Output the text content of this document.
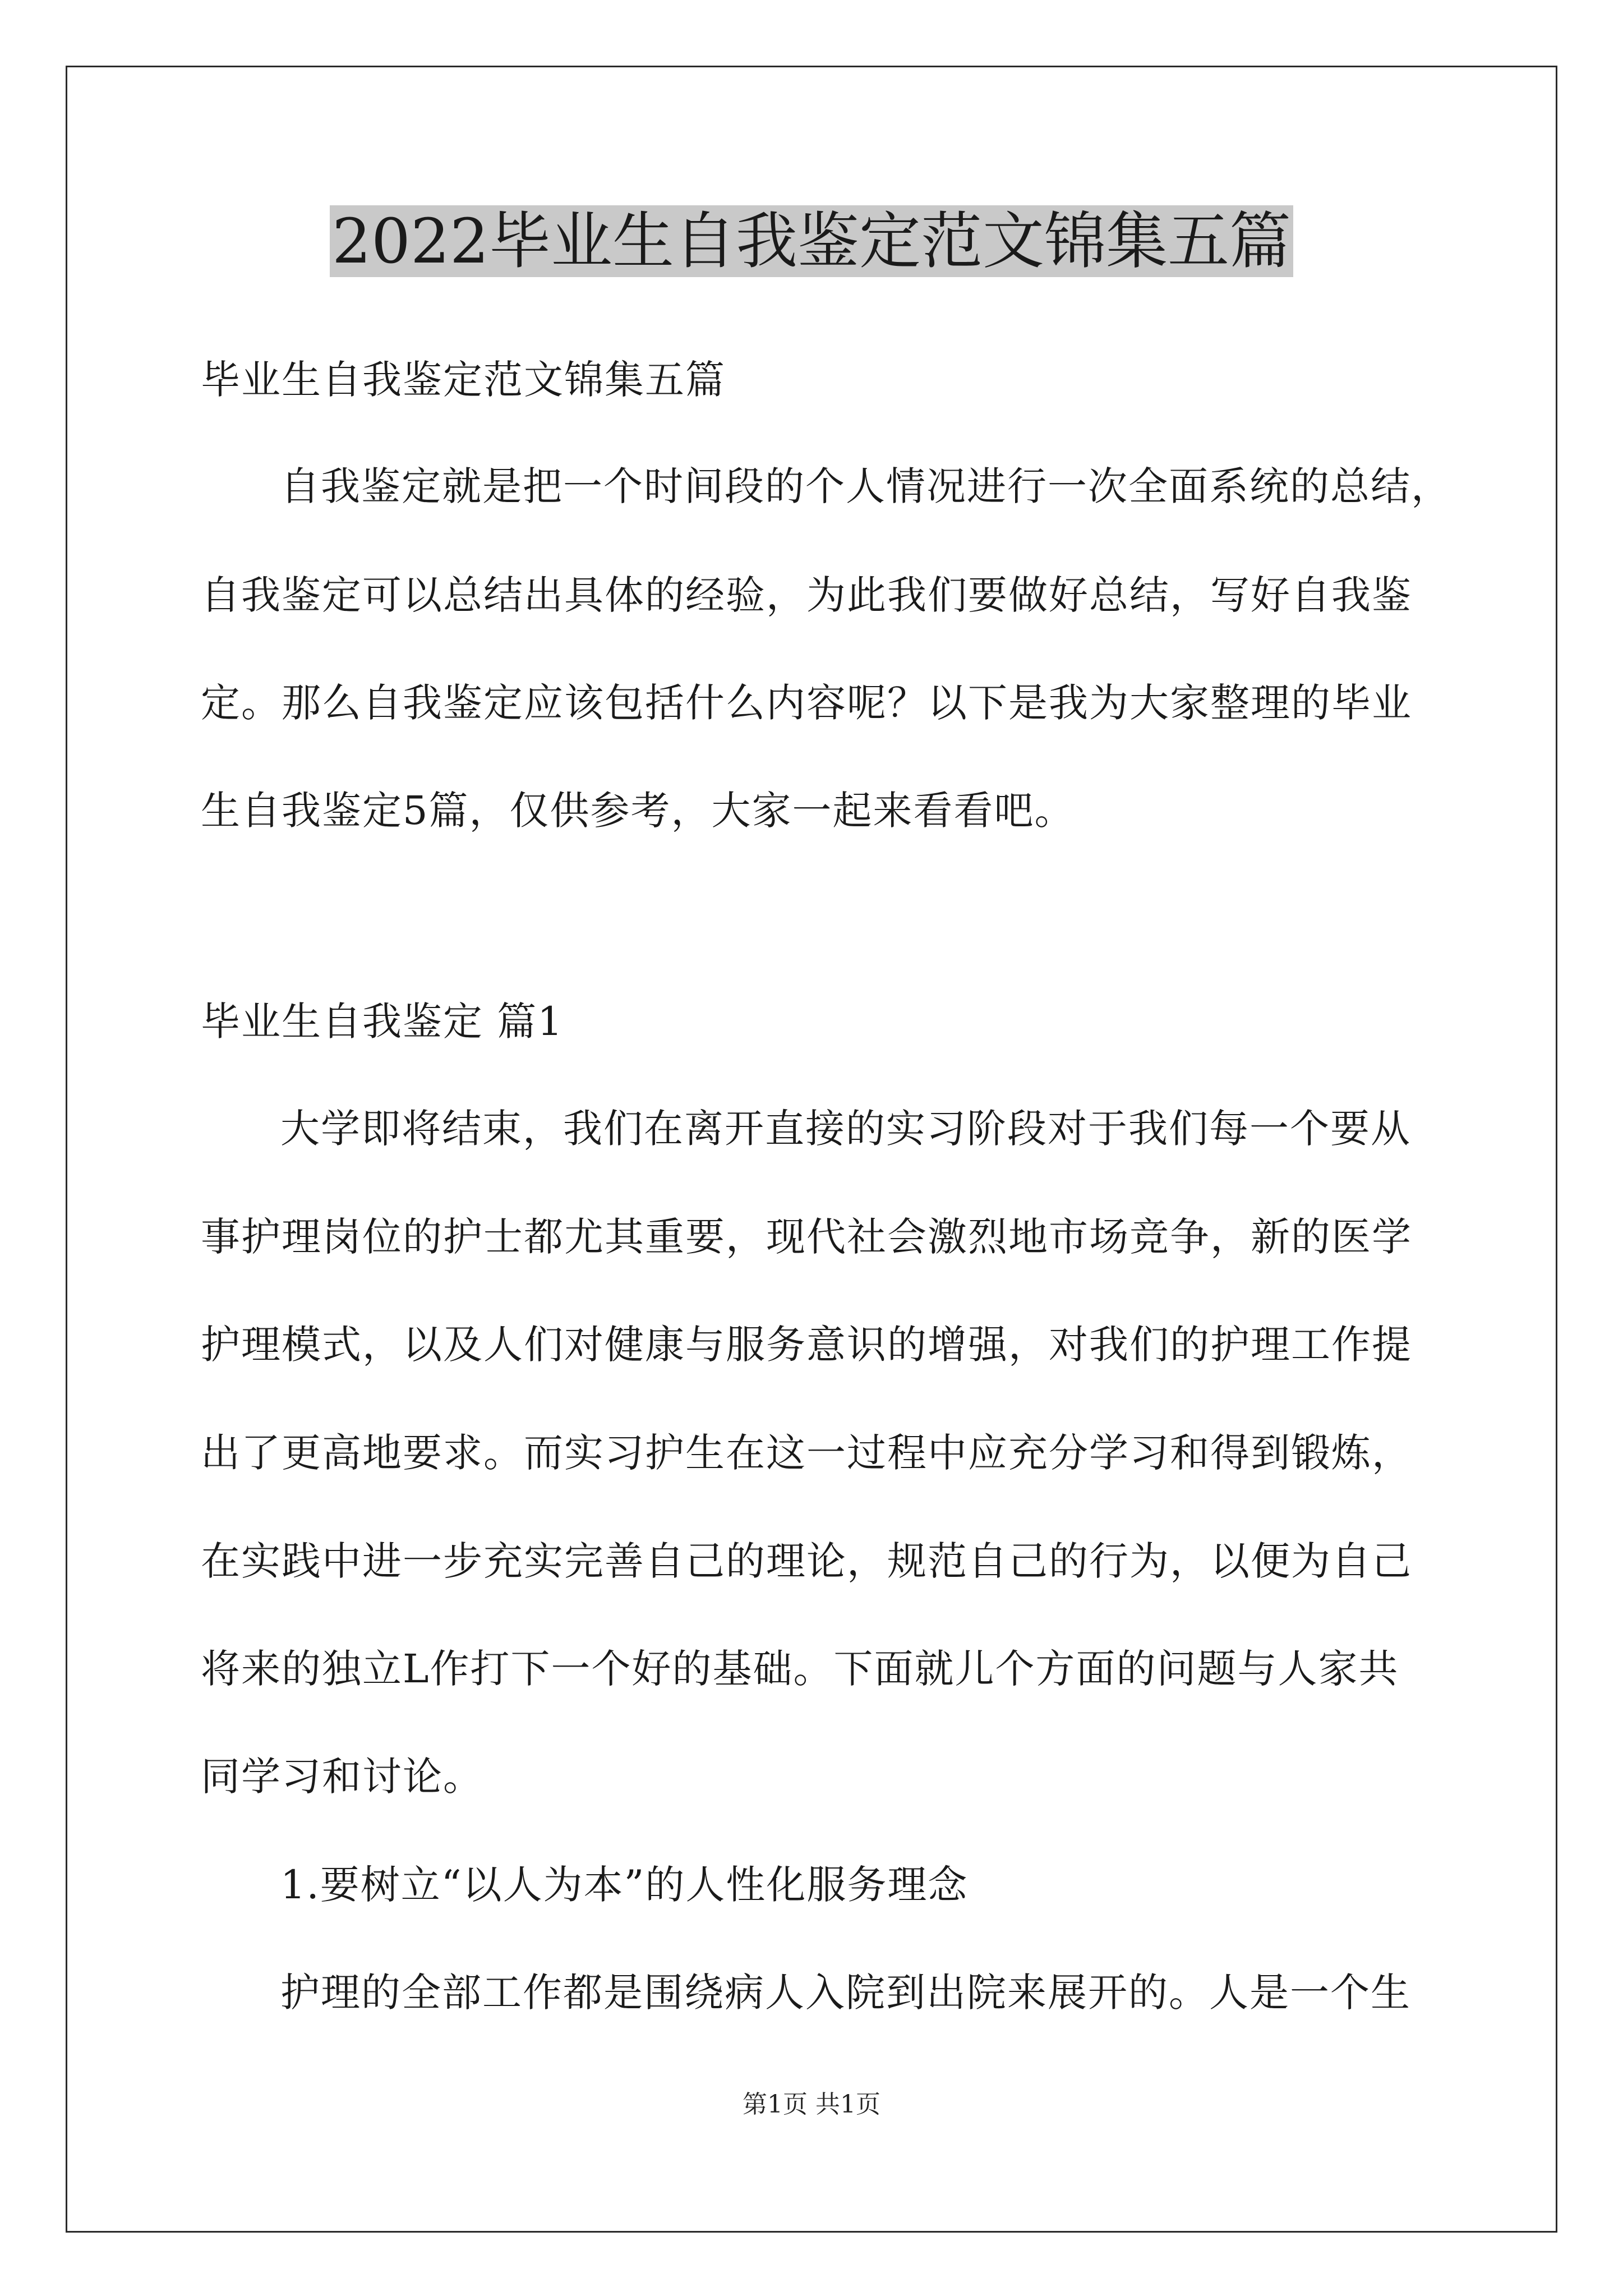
2022毕业生自我鉴定范文锦集五篇
毕业生自我鉴定范文锦集五篇
自我鉴定就是把一个时间段的个人情况进行一次全面系统的总结，
自我鉴定可以总结出具体的经验，为此我们要做好总结，写好自我鉴
定。那么自我鉴定应该包括什么内容呢？以下是我为大家整理的毕业
生自我鉴定5篇，仅供参考，大家一起来看看吧。
毕业生自我鉴定 篇1
大学即将结束，我们在离开直接的实习阶段对于我们每一个要从
事护理岗位的护士都尤其重要，现代社会激烈地市场竞争，新的医学
护理模式，以及人们对健康与服务意识的增强，对我们的护理工作提
出了更高地要求。而实习护生在这一过程中应充分学习和得到锻炼，
在实践中进一步充实完善自己的理论，规范自己的行为，以便为自己
将来的独立L作打下一个好的基础。下面就儿个方面的问题与人家共
同学习和讨论。
1.要树立“以人为本”的人性化服务理念
护理的全部工作都是围绕病人入院到出院来展开的。人是一个生
第1页 共1页
